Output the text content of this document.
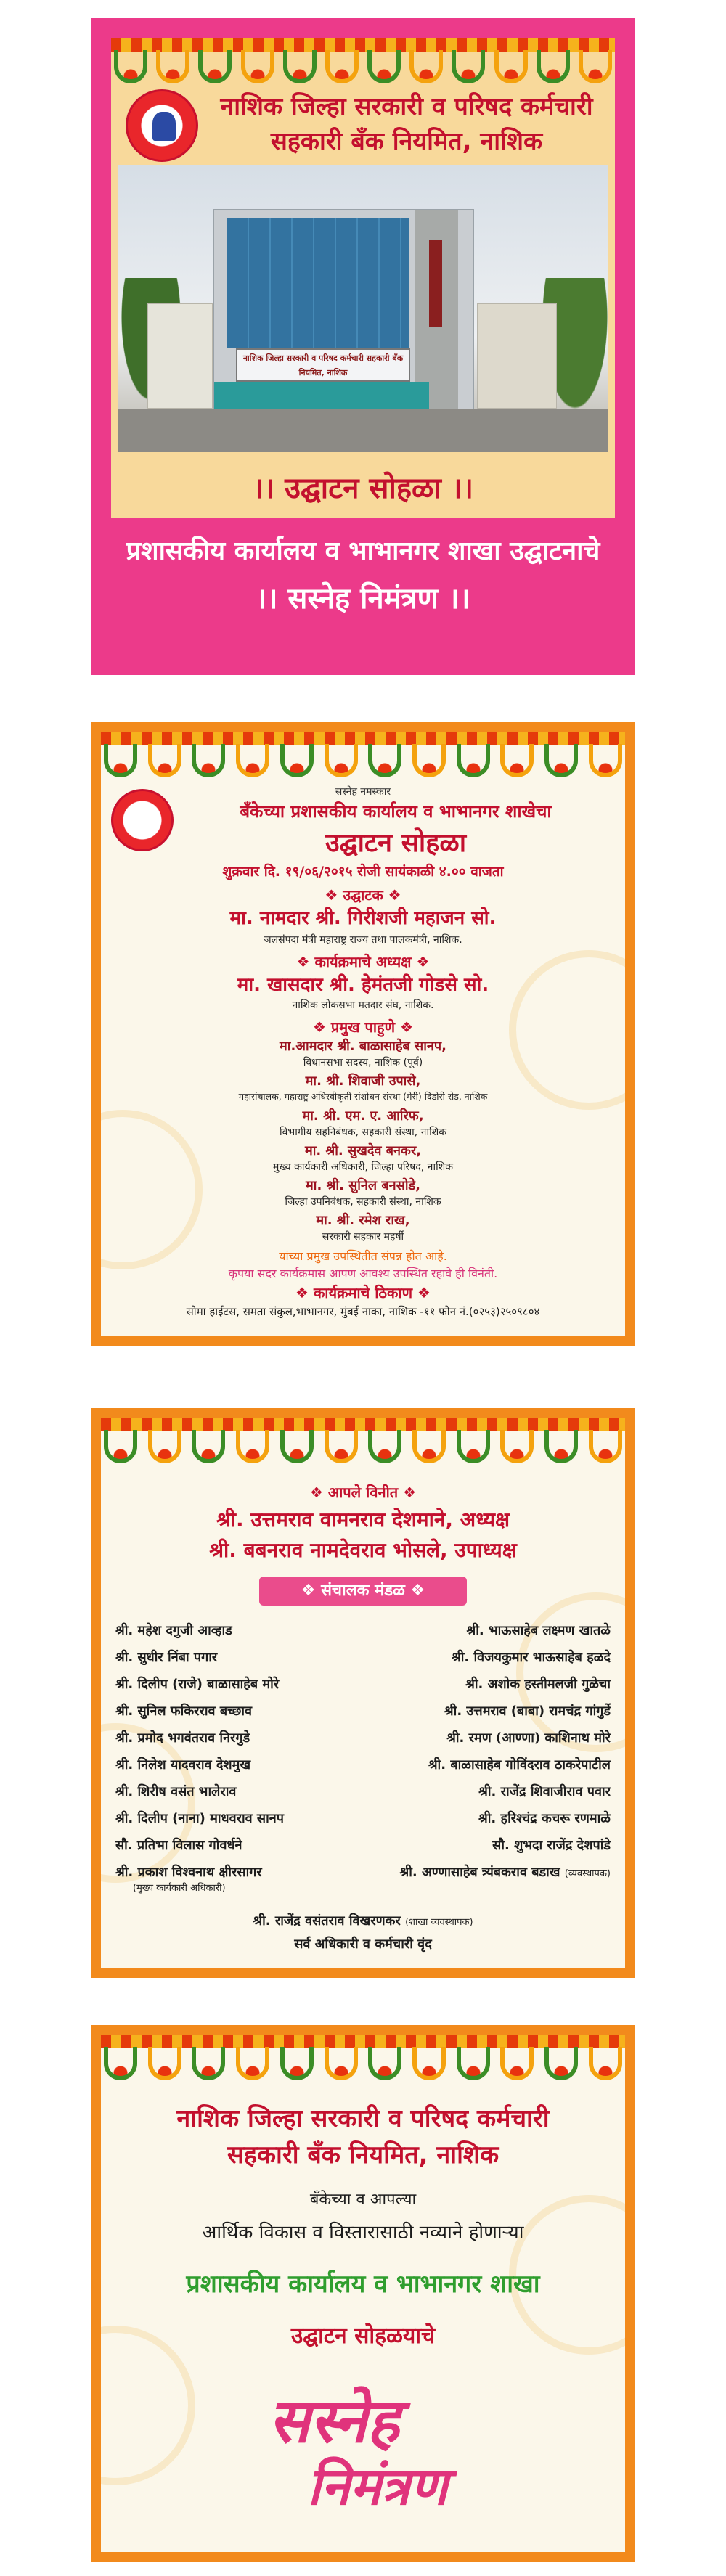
नाशिक जिल्हा सरकारी व परिषद कर्मचारी
सहकारी बँक नियमित, नाशिक
नाशिक जिल्हा सरकारी व परिषद कर्मचारी सहकारी बँक नियमित, नाशिक
।। उद्घाटन सोहळा ।।
प्रशासकीय कार्यालय व भाभानगर शाखा उद्घाटनाचे
।। सस्नेह निमंत्रण ।।
सस्नेह नमस्कार
बँकेच्या प्रशासकीय कार्यालय व भाभानगर शाखेचा
उद्घाटन सोहळा
शुक्रवार दि. १९/०६/२०१५ रोजी सायंकाळी ४.०० वाजता
❖ उद्घाटक ❖
मा. नामदार श्री. गिरीशजी महाजन सो.
जलसंपदा मंत्री महाराष्ट्र राज्य तथा पालकमंत्री, नाशिक.
❖ कार्यक्रमाचे अध्यक्ष ❖
मा. खासदार श्री. हेमंतजी गोडसे सो.
नाशिक लोकसभा मतदार संघ, नाशिक.
❖ प्रमुख पाहुणे ❖
मा.आमदार श्री. बाळासाहेब सानप,
विधानसभा सदस्य, नाशिक (पूर्व)
मा. श्री. शिवाजी उपासे,
महासंचालक, महाराष्ट्र अधिस्वीकृती संशोधन संस्था (मेरी) दिंडोरी रोड, नाशिक
मा. श्री. एम. ए. आरिफ,
विभागीय सहनिबंधक, सहकारी संस्था, नाशिक
मा. श्री. सुखदेव बनकर,
मुख्य कार्यकारी अधिकारी, जिल्हा परिषद, नाशिक
मा. श्री. सुनिल बनसोडे,
जिल्हा उपनिबंधक, सहकारी संस्था, नाशिक
मा. श्री. रमेश राख,
सरकारी सहकार महर्षी
यांच्या प्रमुख उपस्थितीत संपन्न होत आहे.
कृपया सदर कार्यक्रमास आपण आवश्य उपस्थित रहावे ही विनंती.
❖ कार्यक्रमाचे ठिकाण ❖
सोमा हाईटस, समता संकुल,भाभानगर, मुंबई नाका, नाशिक -११ फोन नं.(०२५३)२५०९८०४
❖ आपले विनीत ❖
श्री. उत्तमराव वामनराव देशमाने, अध्यक्ष
श्री. बबनराव नामदेवराव भोसले, उपाध्यक्ष
❖ संचालक मंडळ ❖
श्री. महेश दगुजी आव्हाड
श्री. सुधीर निंबा पगार
श्री. दिलीप (राजे) बाळासाहेब मोरे
श्री. सुनिल फकिरराव बच्छाव
श्री. प्रमोद भगवंतराव निरगुडे
श्री. निलेश यादवराव देशमुख
श्री. शिरीष वसंत भालेराव
श्री. दिलीप (नाना) माधवराव सानप
सौ. प्रतिभा विलास गोवर्धने
श्री. प्रकाश विश्वनाथ क्षीरसागर
(मुख्य कार्यकारी अधिकारी)
श्री. भाऊसाहेब लक्ष्मण खातळे
श्री. विजयकुमार भाऊसाहेब हळदे
श्री. अशोक हस्तीमलजी गुळेचा
श्री. उत्तमराव (बाबा) रामचंद्र गांगुर्डे
श्री. रमण (आण्णा) काशिनाथ मोरे
श्री. बाळासाहेब गोविंदराव ठाकरेपाटील
श्री. राजेंद्र शिवाजीराव पवार
श्री. हरिश्चंद्र कचरू रणमाळे
सौ. शुभदा राजेंद्र देशपांडे
श्री. अण्णासाहेब त्र्यंबकराव बडाख (व्यवस्थापक)
श्री. राजेंद्र वसंतराव विखरणकर (शाखा व्यवस्थापक)
सर्व अधिकारी व कर्मचारी वृंद
नाशिक जिल्हा सरकारी व परिषद कर्मचारी
सहकारी बँक नियमित, नाशिक
बँकेच्या व आपल्या
आर्थिक विकास व विस्तारासाठी नव्याने होणाऱ्या
प्रशासकीय कार्यालय व भाभानगर शाखा
उद्घाटन सोहळयाचे
सस्नेह
निमंत्रण
